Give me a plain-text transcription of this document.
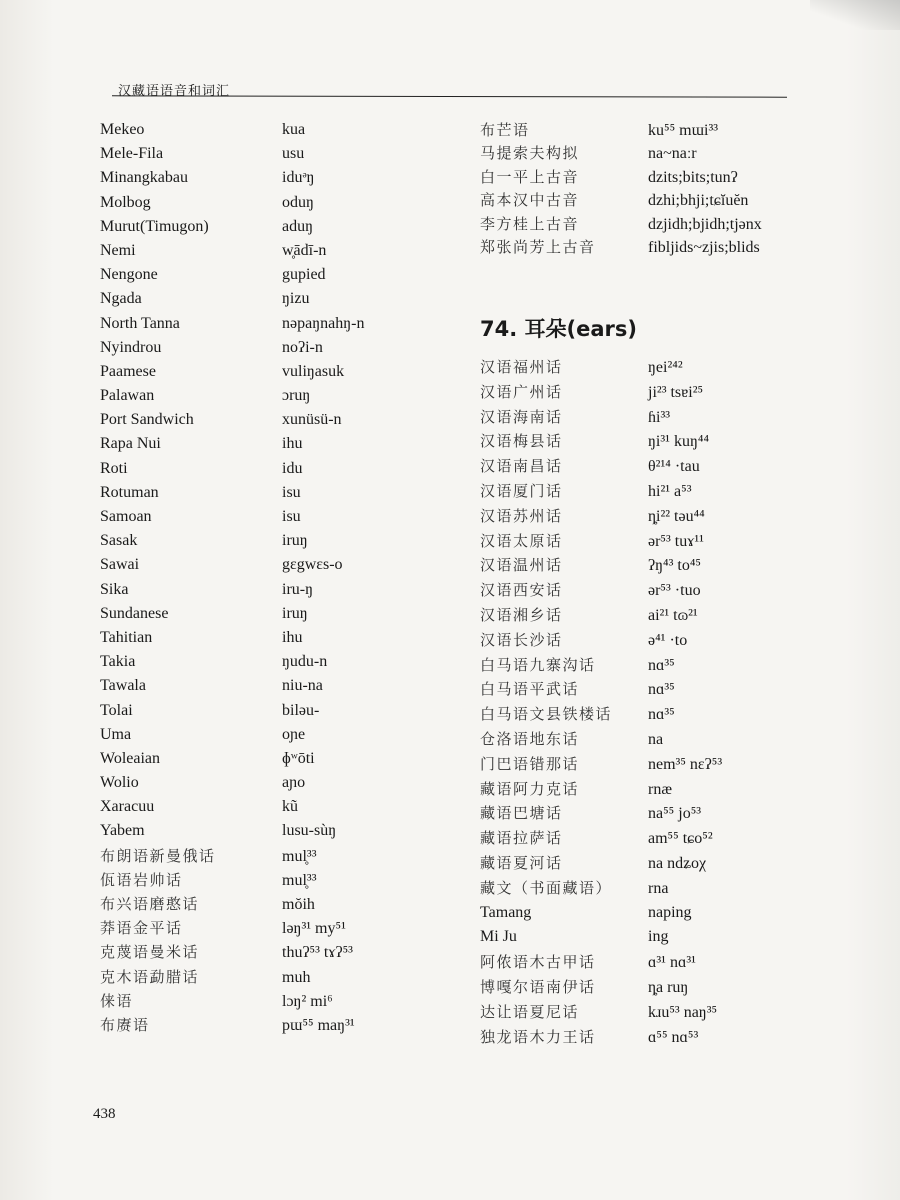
汉藏语语音和词汇
Mekeo	kua
Mele-Fila	usu
Minangkabau	iduᵊŋ
Molbog	oduŋ
Murut(Timugon)	aduŋ
Nemi	w̥ādī-n
Nengone	gupied
Ngada	ŋizu
North Tanna	nəpaŋnahŋ-n
Nyindrou	noʔi-n
Paamese	vuliŋasuk
Palawan	ɔruŋ
Port Sandwich	xunüsü-n
Rapa Nui	ihu
Roti	idu
Rotuman	isu
Samoan	isu
Sasak	iruŋ
Sawai	gɛgwɛs-o
Sika	iru-ŋ
Sundanese	iruŋ
Tahitian	ihu
Takia	ŋudu-n
Tawala	niu-na
Tolai	biləu-
Uma	oɲe
Woleaian	ɸʷōti
Wolio	aɲo
Xaracuu	kũ
Yabem	lusu-sùŋ
布朗语新曼俄话	mul̥³³
佤语岩帅话	mul̥³³
布兴语磨憨话	mŏih
莽语金平话	ləŋ³¹ my⁵¹
克蔑语曼米话	thuʔ⁵³ tɤʔ⁵³
克木语勐腊话	muh
俫语	lɔŋ² mi⁶
布赓语	pɯ⁵⁵ maŋ³¹
布芒语	ku⁵⁵ mɯi³³
马提索夫构拟	na~naːr
白一平上古音	dzits;bits;tunʔ
高本汉中古音	dzhi;bhji;tɕĭuĕn
李方桂上古音	dzjidh;bjidh;tjənx
郑张尚芳上古音	fibljids~zjis;blids
74. 耳朵(ears)
汉语福州话	ŋei²⁴²
汉语广州话	ji²³ tsɐi²⁵
汉语海南话	ɦi³³
汉语梅县话	ŋi³¹ kuŋ⁴⁴
汉语南昌话	θ²¹⁴ ·tau
汉语厦门话	hi²¹ a⁵³
汉语苏州话	ȵi²² təu⁴⁴
汉语太原话	ər⁵³ tuɤ¹¹
汉语温州话	ʔŋ⁴³ to⁴⁵
汉语西安话	ər⁵³ ·tuo
汉语湘乡话	ai²¹ tɷ²¹
汉语长沙话	ə⁴¹ ·to
白马语九寨沟话	nɑ³⁵
白马语平武话	nɑ³⁵
白马语文县铁楼话	nɑ³⁵
仓洛语地东话	na
门巴语错那话	nem³⁵ nɛʔ⁵³
藏语阿力克话	rnæ
藏语巴塘话	na⁵⁵ jo⁵³
藏语拉萨话	am⁵⁵ tɕo⁵²
藏语夏河话	na ndʑoχ
藏文（书面藏语）	rna
Tamang	naping
Mi Ju	ing
阿侬语木古甲话	ɑ³¹ nɑ³¹
博嘎尔语南伊话	ȵa ruŋ
达让语夏尼话	kɹu⁵³ naŋ³⁵
独龙语木力王话	ɑ⁵⁵ nɑ⁵³
438
